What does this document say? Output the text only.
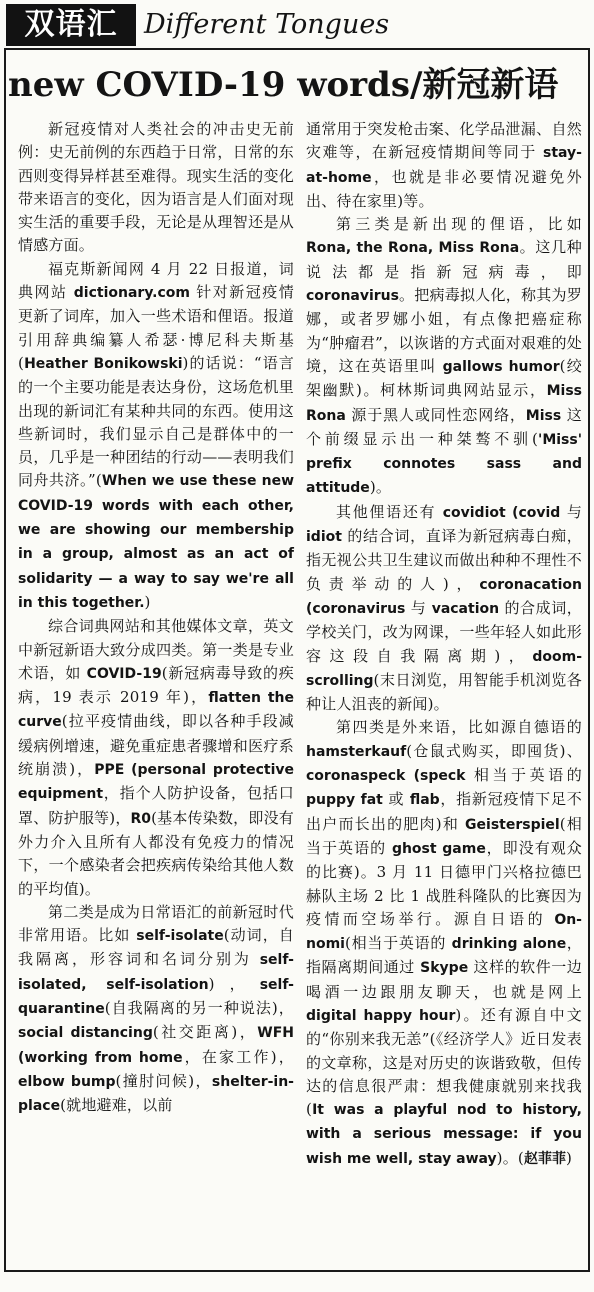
双语汇 Different Tongues
new COVID-19 words/新冠新语

新冠疫情对人类社会的冲击史无前例：史无前例的东西趋于日常，日常的东西则变得异样甚至难得。现实生活的变化带来语言的变化，因为语言是人们面对现实生活的重要手段，无论是从理智还是从情感方面。

福克斯新闻网 4 月 22 日报道，词典网站 dictionary.com 针对新冠疫情更新了词库，加入一些术语和俚语。报道引用辞典编纂人希瑟·博尼科夫斯基(Heather Bonikowski)的话说：“语言的一个主要功能是表达身份，这场危机里出现的新词汇有某种共同的东西。使用这些新词时，我们显示自己是群体中的一员，几乎是一种团结的行动——表明我们同舟共济。”(When we use these new COVID-19 words with each other, we are showing our membership in a group, almost as an act of solidarity — a way to say we're all in this together.)

综合词典网站和其他媒体文章，英文中新冠新语大致分成四类。第一类是专业术语，如 COVID-19(新冠病毒导致的疾病，19 表示 2019 年)，flatten the curve(拉平疫情曲线，即以各种手段减缓病例增速，避免重症患者骤增和医疗系统崩溃)，PPE (personal protective equipment，指个人防护设备，包括口罩、防护服等)，R0(基本传染数，即没有外力介入且所有人都没有免疫力的情况下，一个感染者会把疾病传染给其他人数的平均值)。

第二类是成为日常语汇的前新冠时代非常用语。比如 self-isolate(动词，自我隔离，形容词和名词分别为 self-isolated, self-isolation)，self-quarantine(自我隔离的另一种说法)，social distancing(社交距离)，WFH (working from home，在家工作)，elbow bump(撞肘问候)，shelter-in-place(就地避难，以前

通常用于突发枪击案、化学品泄漏、自然灾难等，在新冠疫情期间等同于 stay-at-home，也就是非必要情况避免外出、待在家里)等。

第三类是新出现的俚语，比如 Rona, the Rona, Miss Rona。这几种说法都是指新冠病毒，即 coronavirus。把病毒拟人化，称其为罗娜，或者罗娜小姐，有点像把癌症称为“肿瘤君”，以诙谐的方式面对艰难的处境，这在英语里叫 gallows humor(绞架幽默)。柯林斯词典网站显示，Miss Rona 源于黑人或同性恋网络，Miss 这个前缀显示出一种桀骜不驯('Miss' prefix connotes sass and attitude)。

其他俚语还有 covidiot (covid 与 idiot 的结合词，直译为新冠病毒白痴，指无视公共卫生建议而做出种种不理性不负责举动的人)，coronacation (coronavirus 与 vacation 的合成词，学校关门，改为网课，一些年轻人如此形容这段自我隔离期)，doom-scrolling(末日浏览，用智能手机浏览各种让人沮丧的新闻)。

第四类是外来语，比如源自德语的 hamsterkauf(仓鼠式购买，即囤货)、coronaspeck (speck 相当于英语的 puppy fat 或 flab，指新冠疫情下足不出户而长出的肥肉)和 Geisterspiel(相当于英语的 ghost game，即没有观众的比赛)。3 月 11 日德甲门兴格拉德巴赫队主场 2 比 1 战胜科隆队的比赛因为疫情而空场举行。源自日语的 On-nomi(相当于英语的 drinking alone，指隔离期间通过 Skype 这样的软件一边喝酒一边跟朋友聊天，也就是网上 digital happy hour)。还有源自中文的“你别来我无恙”(《经济学人》近日发表的文章称，这是对历史的诙谐致敬，但传达的信息很严肃：想我健康就别来找我(It was a playful nod to history, with a serious message: if you wish me well, stay away)。(赵菲菲)
